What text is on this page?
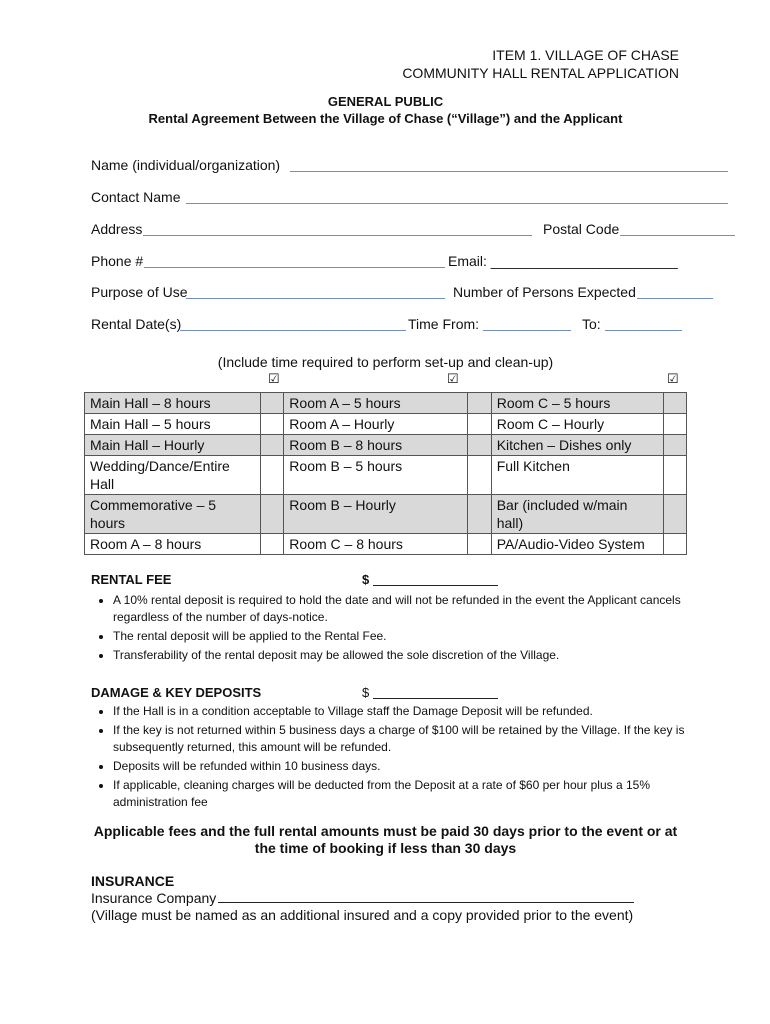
ITEM 1. VILLAGE OF CHASE
COMMUNITY HALL RENTAL APPLICATION
GENERAL PUBLIC
Rental Agreement Between the Village of Chase (“Village”) and the Applicant
Name (individual/organization)
Contact Name
Address	Postal Code
Phone #	Email: ________________________
Purpose of Use	Number of Persons Expected
Rental Date(s)	Time From:	To:
(Include time required to perform set-up and clean-up)
☑	☑	☑
Main Hall – 8 hours		Room A – 5 hours		Room C – 5 hours	
Main Hall – 5 hours		Room A – Hourly		Room C – Hourly	
Main Hall – Hourly		Room B – 8 hours		Kitchen – Dishes only	
Wedding/Dance/Entire Hall		Room B – 5 hours		Full Kitchen	
Commemorative – 5 hours		Room B – Hourly		Bar (included w/main hall)	
Room A – 8 hours		Room C – 8 hours		PA/Audio-Video System	
RENTAL FEE	$
• A 10% rental deposit is required to hold the date and will not be refunded in the event the Applicant cancels regardless of the number of days-notice.
• The rental deposit will be applied to the Rental Fee.
• Transferability of the rental deposit may be allowed the sole discretion of the Village.
DAMAGE & KEY DEPOSITS	$
• If the Hall is in a condition acceptable to Village staff the Damage Deposit will be refunded.
• If the key is not returned within 5 business days a charge of $100 will be retained by the Village. If the key is subsequently returned, this amount will be refunded.
• Deposits will be refunded within 10 business days.
• If applicable, cleaning charges will be deducted from the Deposit at a rate of $60 per hour plus a 15% administration fee
Applicable fees and the full rental amounts must be paid 30 days prior to the event or at the time of booking if less than 30 days
INSURANCE
Insurance Company
(Village must be named as an additional insured and a copy provided prior to the event)
